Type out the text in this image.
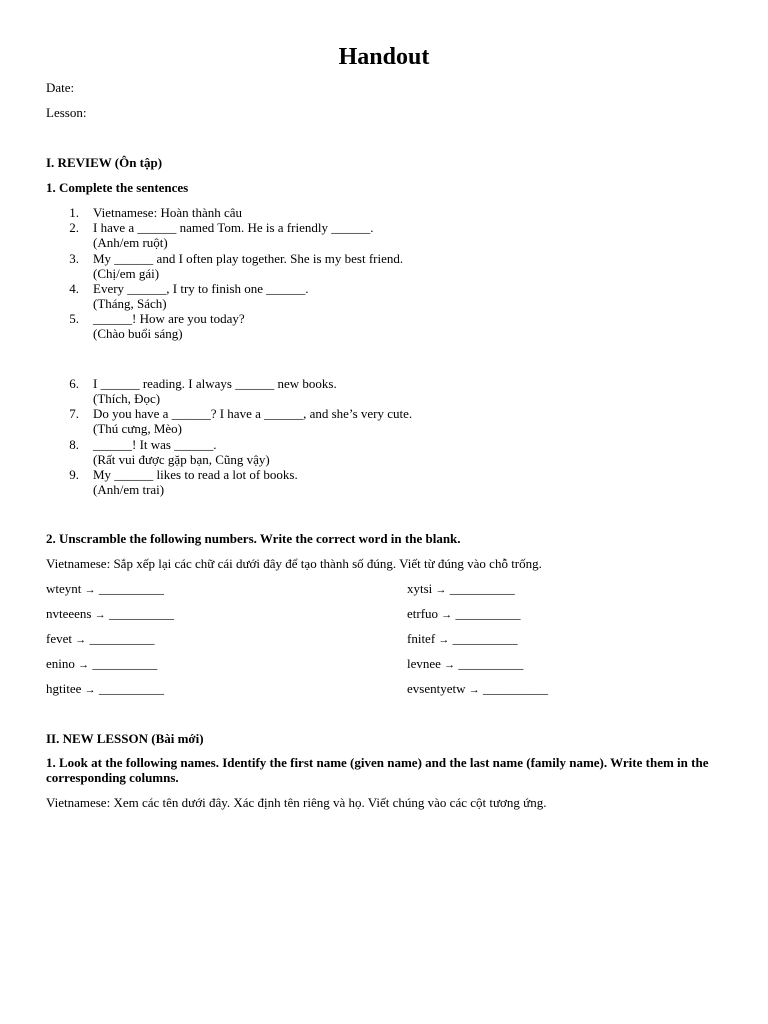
Handout
Date:
Lesson:
I. REVIEW (Ôn tập)
1. Complete the sentences
1. Vietnamese: Hoàn thành câu
2. I have a ______ named Tom. He is a friendly ______.
(Anh/em ruột)
3. My ______ and I often play together. She is my best friend.
(Chị/em gái)
4. Every ______, I try to finish one ______.
(Tháng, Sách)
5. ______! How are you today?
(Chào buổi sáng)
6. I ______ reading. I always ______ new books.
(Thích, Đọc)
7. Do you have a ______? I have a ______, and she’s very cute.
(Thú cưng, Mèo)
8. ______! It was ______.
(Rất vui được gặp bạn, Cũng vậy)
9. My ______ likes to read a lot of books.
(Anh/em trai)
2. Unscramble the following numbers. Write the correct word in the blank.
Vietnamese: Sắp xếp lại các chữ cái dưới đây để tạo thành số đúng. Viết từ đúng vào chỗ trống.
wteynt → __________
nvteeens → __________
fevet → __________
enino → __________
hgtitee → __________
xytsi → __________
etrfuo → __________
fnitef → __________
levnee → __________
evsentyetw → __________
II. NEW LESSON (Bài mới)
1. Look at the following names. Identify the first name (given name) and the last name (family name). Write them in the corresponding columns.
Vietnamese: Xem các tên dưới đây. Xác định tên riêng và họ. Viết chúng vào các cột tương ứng.
